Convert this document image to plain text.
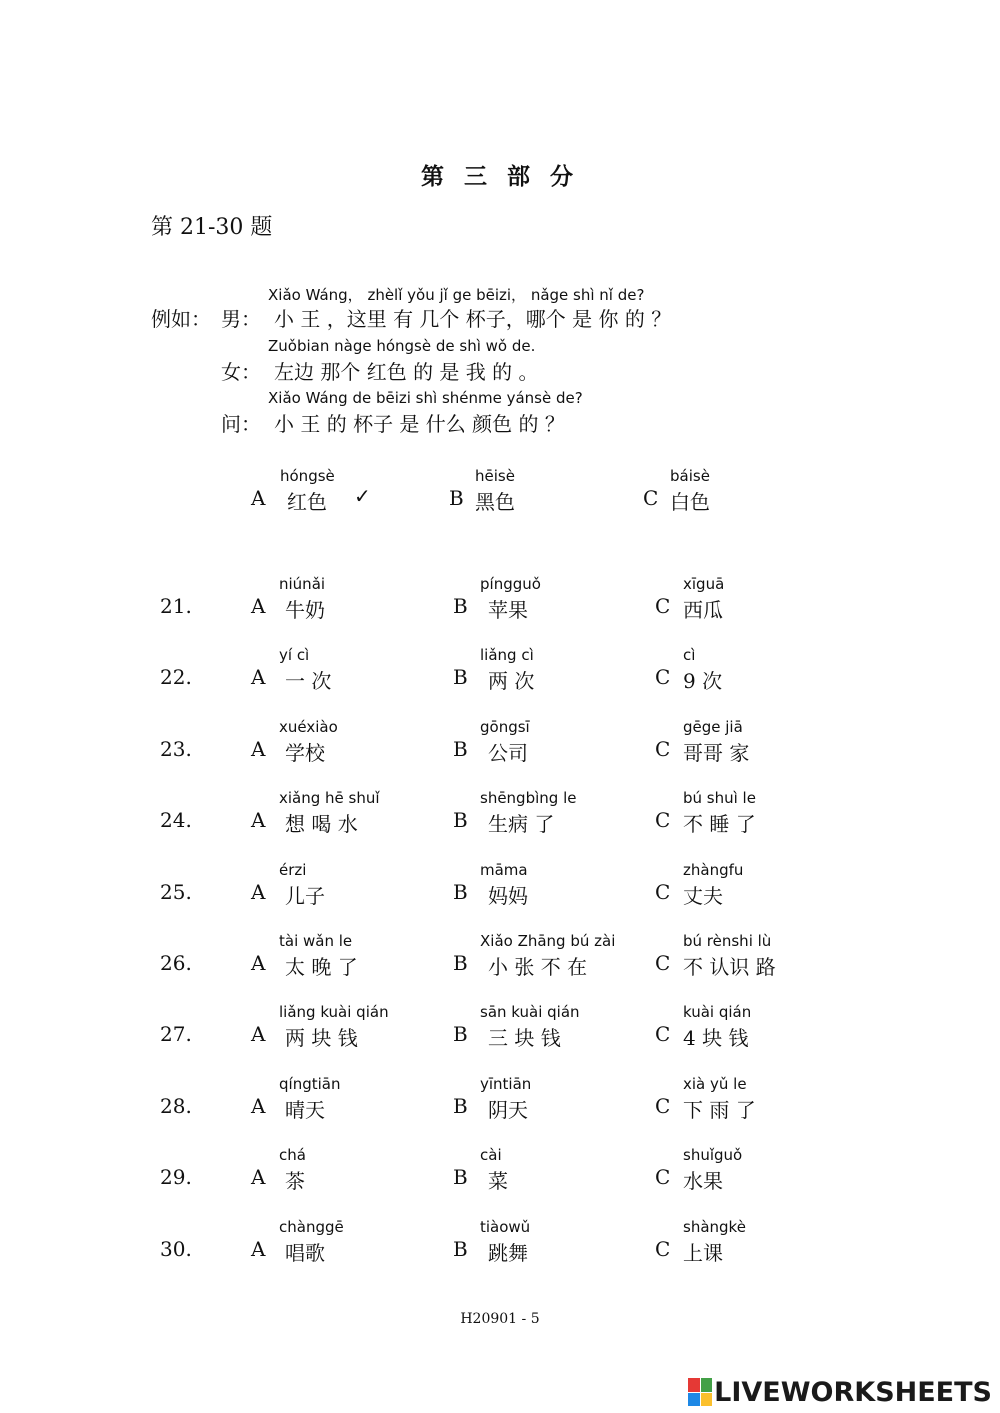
第 三 部 分
第 21-30 题
例如： 男：
Xiǎo Wáng， zhèlǐ yǒu jǐ ge bēizi， nǎge shì nǐ de?
小 王 ，这里 有 几个 杯子，哪个 是 你 的 ？
女：
Zuǒbian nàge hóngsè de shì wǒ de.
左边 那个 红色 的 是 我 的 。
问：
Xiǎo Wáng de bēizi shì shénme yánsè de?
小 王 的 杯子 是 什么 颜色 的 ？
A
hóngsè
红色 ✓	B
hēisè
黑色	C
báisè
白色
21.	A
niúnǎi
牛奶	B
píngguǒ
苹果	C
xīguā
西瓜
22.	A
yí cì
一 次	B
liǎng cì
两 次	C
cì
9 次
23.	A
xuéxiào
学校	B
gōngsī
公司	C
gēge jiā
哥哥 家
24.	A
xiǎng hē shuǐ
想 喝 水	B
shēngbìng le
生病 了	C
bú shuì le
不 睡 了
25.	A
érzi
儿子	B
māma
妈妈	C
zhàngfu
丈夫
26.	A
tài wǎn le
太 晚 了	B
Xiǎo Zhāng bú zài
小 张 不 在	C
bú rènshi lù
不 认识 路
27.	A
liǎng kuài qián
两 块 钱	B
sān kuài qián
三 块 钱	C
kuài qián
4 块 钱
28.	A
qíngtiān
晴天	B
yīntiān
阴天	C
xià yǔ le
下 雨 了
29.	A
chá
茶	B
cài
菜	C
shuǐguǒ
水果
30.	A
chànggē
唱歌	B
tiàowǔ
跳舞	C
shàngkè
上课
H20901 - 5
LIVEWORKSHEETS
